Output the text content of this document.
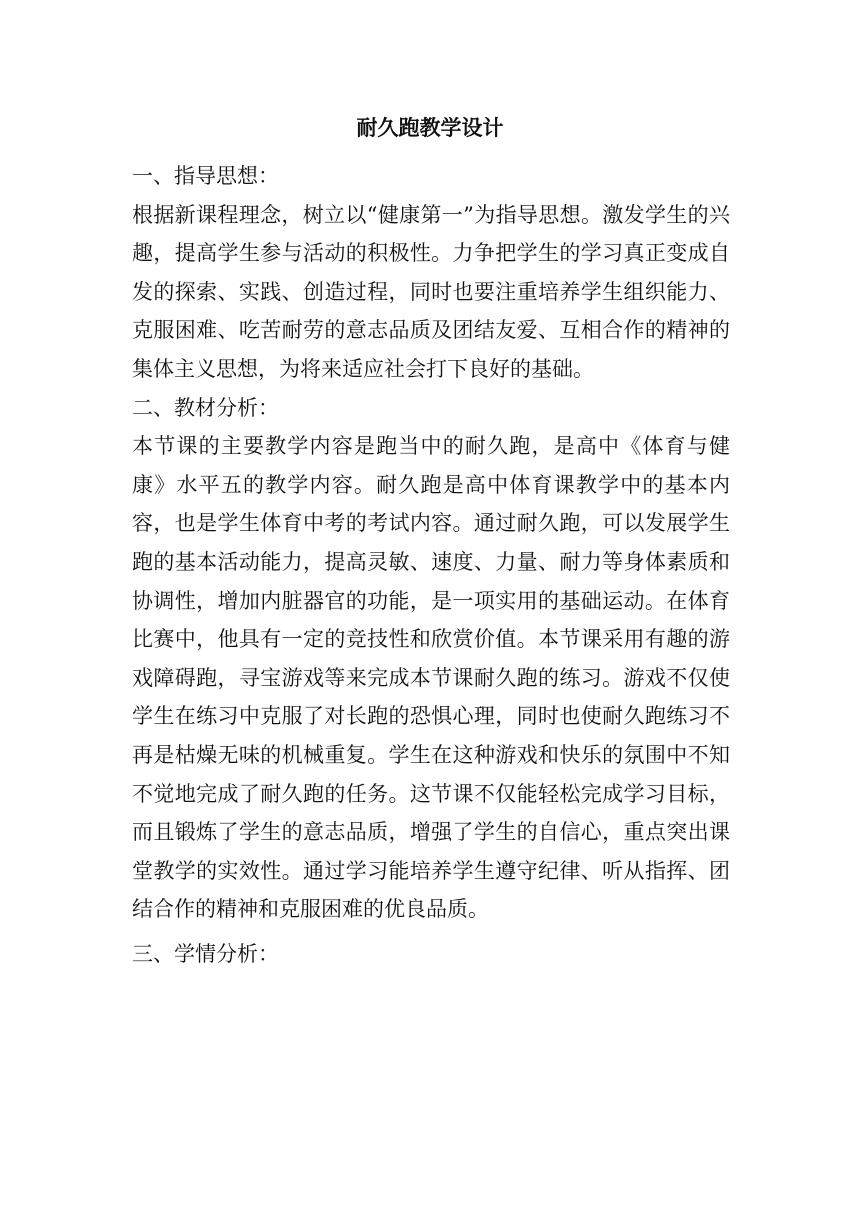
耐久跑教学设计

一、指导思想：

根据新课程理念，树立以“健康第一”为指导思想。激发学生的兴趣，提高学生参与活动的积极性。力争把学生的学习真正变成自发的探索、实践、创造过程，同时也要注重培养学生组织能力、克服困难、吃苦耐劳的意志品质及团结友爱、互相合作的精神的集体主义思想，为将来适应社会打下良好的基础。

二、教材分析：

本节课的主要教学内容是跑当中的耐久跑，是高中《体育与健康》水平五的教学内容。耐久跑是高中体育课教学中的基本内容，也是学生体育中考的考试内容。通过耐久跑，可以发展学生跑的基本活动能力，提高灵敏、速度、力量、耐力等身体素质和协调性，增加内脏器官的功能，是一项实用的基础运动。在体育比赛中，他具有一定的竞技性和欣赏价值。本节课采用有趣的游戏障碍跑，寻宝游戏等来完成本节课耐久跑的练习。游戏不仅使学生在练习中克服了对长跑的恐惧心理，同时也使耐久跑练习不再是枯燥无味的机械重复。学生在这种游戏和快乐的氛围中不知不觉地完成了耐久跑的任务。这节课不仅能轻松完成学习目标，而且锻炼了学生的意志品质，增强了学生的自信心，重点突出课堂教学的实效性。通过学习能培养学生遵守纪律、听从指挥、团结合作的精神和克服困难的优良品质。

三、学情分析：
